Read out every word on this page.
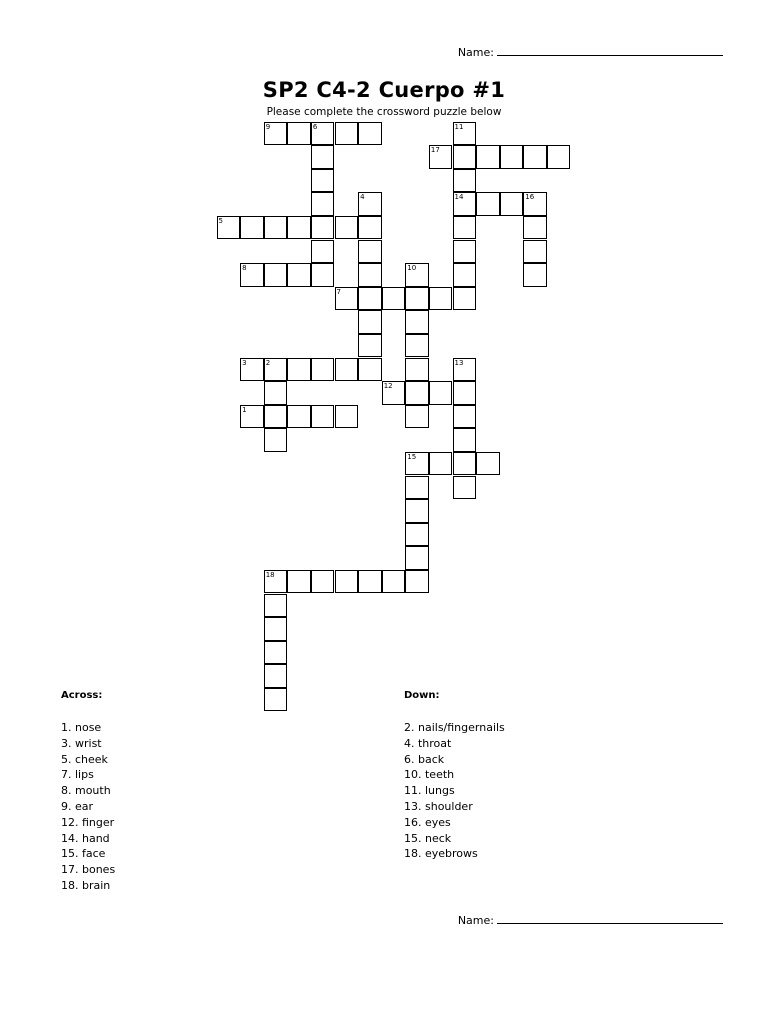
Name:
SP2 C4-2 Cuerpo #1
Please complete the crossword puzzle below
9	6	11
14
17
4	16
5
8	10
7
3	2	13
12
1
15
18
Across:
1. nose
3. wrist
5. cheek
7. lips
8. mouth
9. ear
12. finger
14. hand
15. face
17. bones
18. brain
Down:
2. nails/fingernails
4. throat
6. back
10. teeth
11. lungs
13. shoulder
16. eyes
15. neck
18. eyebrows
Name:
